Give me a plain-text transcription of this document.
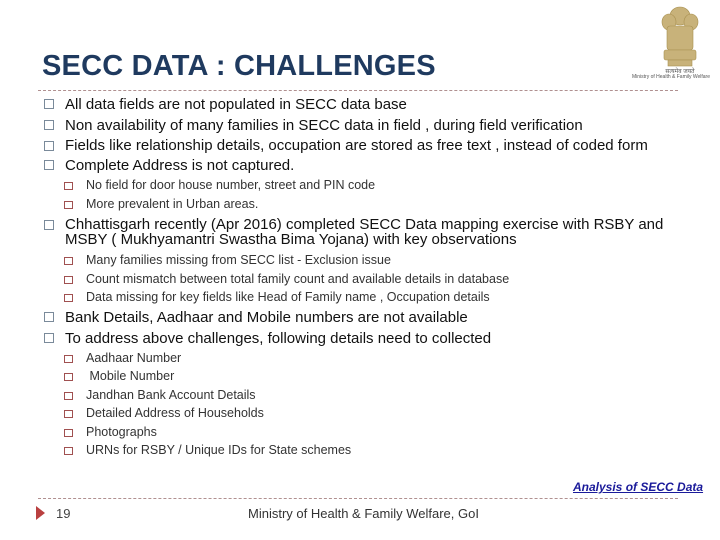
SECC DATA : CHALLENGES	सत्यमेव जयते
Ministry of Health & Family Welfare

All data fields are not populated in SECC data base

Non availability of many families in SECC data in field , during field verification

Fields like relationship details, occupation are stored as free text , instead of coded form

Complete Address is not captured.

No field for door house number, street and PIN code

More prevalent in Urban areas.

Chhattisgarh recently (Apr 2016) completed SECC Data mapping exercise with RSBY and MSBY ( Mukhyamantri Swastha Bima Yojana) with key observations

Many families missing from SECC list - Exclusion issue

Count mismatch between total family count and available details in database

Data missing for key fields like Head of Family name , Occupation details

Bank Details, Aadhaar and Mobile numbers are not available

To address above challenges, following details need to collected

Aadhaar Number

Mobile Number

Jandhan Bank Account Details

Detailed Address of Households

Photographs

URNs for RSBY / Unique IDs for State schemes

Analysis of SECC Data
19	Ministry of Health & Family Welfare, GoI
